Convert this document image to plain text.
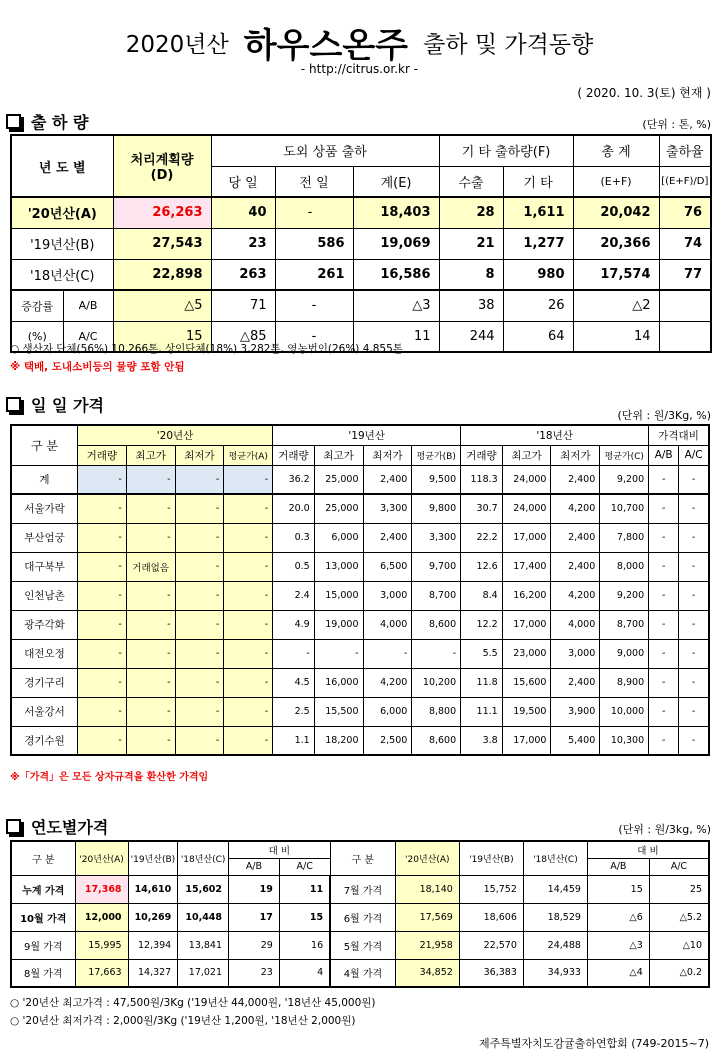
2020년산 하우스온주 출하 및 가격동향
- http://citrus.or.kr -
( 2020. 10. 3(토) 현재 )
출 하 량	(단위 : 톤, %)
년 도 별		처리계획량
(D)	도외 상품 출하			기 타 출하량(F)		총 계	출하율
			당 일	전 일	계(E)	수출	기 타	(E+F)	[(E+F)/D]
'20년산(A)		26,263	40	-	18,403	28	1,611	20,042	76
'19년산(B)		27,543	23	586	19,069	21	1,277	20,366	74
'18년산(C)		22,898	263	261	16,586	8	980	17,574	77
증감률	A/B	△5	71	-	△3	38	26	△2	
(%)	A/C	15	△85	-	11	244	64	14	
○ 생산자 단체(56%) 10,266톤, 상인단체(18%) 3,282톤, 영농법인(26%) 4,855톤
※ 택배, 도내소비등의 물량 포함 안됨
일 일 가격
(단위 : 원/3Kg, %)
구 분	'20년산				'19년산				'18년산				가격대비	
	거래량	최고가	최저가	평균가(A)	거래량	최고가	최저가	평균가(B)	거래량	최고가	최저가	평균가(C)	A/B	A/C
계	-	-	-	-	36.2	25,000	2,400	9,500	118.3	24,000	2,400	9,200	-	-
서울가락	-	-	-	-	20.0	25,000	3,300	9,800	30.7	24,000	4,200	10,700	-	-
부산엄궁	-	-	-	-	0.3	6,000	2,400	3,300	22.2	17,000	2,400	7,800	-	-
대구북부	-	거래없음	-	-	0.5	13,000	6,500	9,700	12.6	17,400	2,400	8,000	-	-
인천남촌	-	-	-	-	2.4	15,000	3,000	8,700	8.4	16,200	4,200	9,200	-	-
광주각화	-	-	-	-	4.9	19,000	4,000	8,600	12.2	17,000	4,000	8,700	-	-
대전오정	-	-	-	-	-	-	-	-	5.5	23,000	3,000	9,000	-	-
경기구리	-	-	-	-	4.5	16,000	4,200	10,200	11.8	15,600	2,400	8,900	-	-
서울강서	-	-	-	-	2.5	15,500	6,000	8,800	11.1	19,500	3,900	10,000	-	-
경기수원	-	-	-	-	1.1	18,200	2,500	8,600	3.8	17,000	5,400	10,300	-	-
※「가격」은 모든 상자규격을 환산한 가격임
연도별가격	(단위 : 원/3kg, %)
구 분	'20년산(A)	'19년산(B)	'18년산(C)	대 비		구 분	'20년산(A)	'19년산(B)	'18년산(C)	대 비	
				A/B	A/C					A/B	A/C
누계 가격	17,368	14,610	15,602	19	11	7월 가격	18,140	15,752	14,459	15	25
10월 가격	12,000	10,269	10,448	17	15	6월 가격	17,569	18,606	18,529	△6	△5.2
9월 가격	15,995	12,394	13,841	29	16	5월 가격	21,958	22,570	24,488	△3	△10
8월 가격	17,663	14,327	17,021	23	4	4월 가격	34,852	36,383	34,933	△4	△0.2
○ '20년산 최고가격 : 47,500원/3Kg ('19년산 44,000원, '18년산 45,000원)
○ '20년산 최저가격 : 2,000원/3Kg ('19년산 1,200원, '18년산 2,000원)
제주특별자치도감귤출하연합회 (749-2015~7)
